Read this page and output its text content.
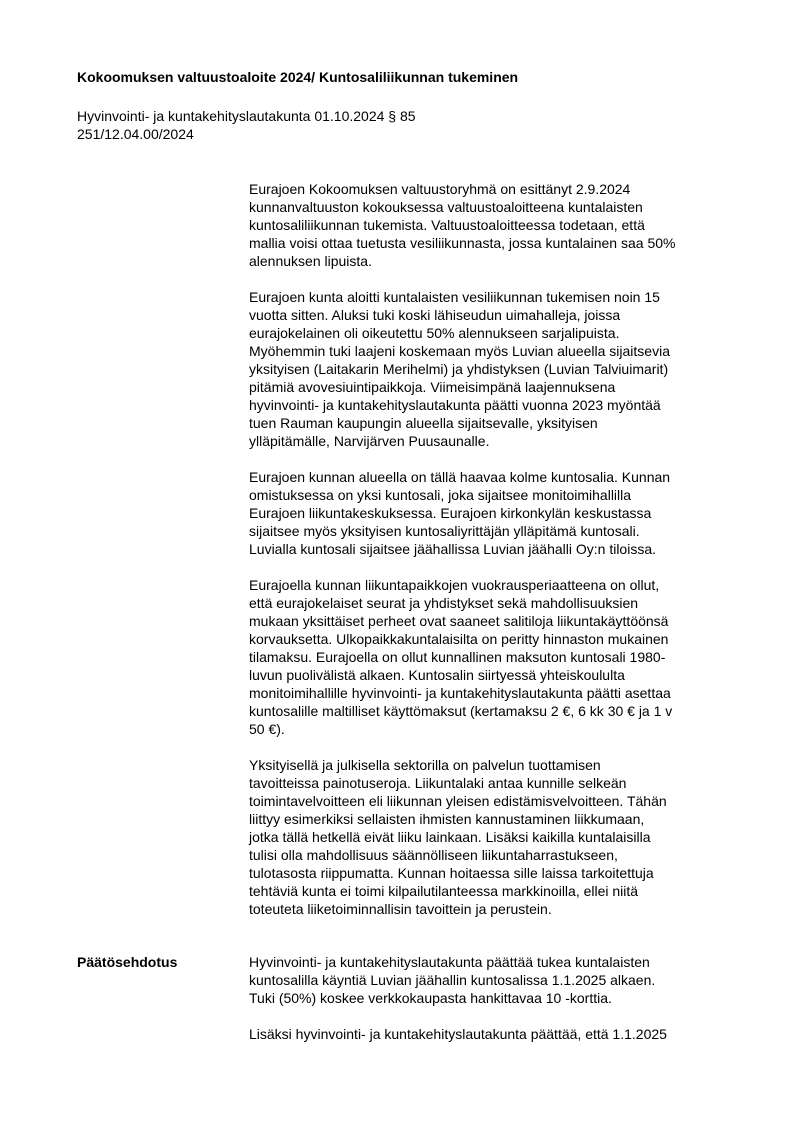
Kokoomuksen valtuustoaloite 2024/ Kuntosaliliikunnan tukeminen
Hyvinvointi- ja kuntakehityslautakunta 01.10.2024 § 85
251/12.04.00/2024
Eurajoen Kokoomuksen valtuustoryhmä on esittänyt 2.9.2024
kunnanvaltuuston kokouksessa valtuustoaloitteena kuntalaisten
kuntosaliliikunnan tukemista. Valtuustoaloitteessa todetaan, että
mallia voisi ottaa tuetusta vesiliikunnasta, jossa kuntalainen saa 50%
alennuksen lipuista.
Eurajoen kunta aloitti kuntalaisten vesiliikunnan tukemisen noin 15
vuotta sitten. Aluksi tuki koski lähiseudun uimahalleja, joissa
eurajokelainen oli oikeutettu 50% alennukseen sarjalipuista.
Myöhemmin tuki laajeni koskemaan myös Luvian alueella sijaitsevia
yksityisen (Laitakarin Merihelmi) ja yhdistyksen (Luvian Talviuimarit)
pitämiä avovesiuintipaikkoja. Viimeisimpänä laajennuksena
hyvinvointi- ja kuntakehityslautakunta päätti vuonna 2023 myöntää
tuen Rauman kaupungin alueella sijaitsevalle, yksityisen
ylläpitämälle, Narvijärven Puusaunalle.
Eurajoen kunnan alueella on tällä haavaa kolme kuntosalia. Kunnan
omistuksessa on yksi kuntosali, joka sijaitsee monitoimihallilla
Eurajoen liikuntakeskuksessa. Eurajoen kirkonkylän keskustassa
sijaitsee myös yksityisen kuntosaliyrittäjän ylläpitämä kuntosali.
Luvialla kuntosali sijaitsee jäähallissa Luvian jäähalli Oy:n tiloissa.
Eurajoella kunnan liikuntapaikkojen vuokrausperiaatteena on ollut,
että eurajokelaiset seurat ja yhdistykset sekä mahdollisuuksien
mukaan yksittäiset perheet ovat saaneet salitiloja liikuntakäyttöönsä
korvauksetta. Ulkopaikkakuntalaisilta on peritty hinnaston mukainen
tilamaksu. Eurajoella on ollut kunnallinen maksuton kuntosali 1980-
luvun puolivälistä alkaen. Kuntosalin siirtyessä yhteiskoululta
monitoimihallille hyvinvointi- ja kuntakehityslautakunta päätti asettaa
kuntosalille maltilliset käyttömaksut (kertamaksu 2 €, 6 kk 30 € ja 1 v
50 €).
Yksityisellä ja julkisella sektorilla on palvelun tuottamisen
tavoitteissa painotuseroja. Liikuntalaki antaa kunnille selkeän
toimintavelvoitteen eli liikunnan yleisen edistämisvelvoitteen. Tähän
liittyy esimerkiksi sellaisten ihmisten kannustaminen liikkumaan,
jotka tällä hetkellä eivät liiku lainkaan. Lisäksi kaikilla kuntalaisilla
tulisi olla mahdollisuus säännölliseen liikuntaharrastukseen,
tulotasosta riippumatta. Kunnan hoitaessa sille laissa tarkoitettuja
tehtäviä kunta ei toimi kilpailutilanteessa markkinoilla, ellei niitä
toteuteta liiketoiminnallisin tavoittein ja perustein.
Päätösehdotus	Hyvinvointi- ja kuntakehityslautakunta päättää tukea kuntalaisten
kuntosalilla käyntiä Luvian jäähallin kuntosalissa 1.1.2025 alkaen.
Tuki (50%) koskee verkkokaupasta hankittavaa 10 -korttia.
Lisäksi hyvinvointi- ja kuntakehityslautakunta päättää, että 1.1.2025
